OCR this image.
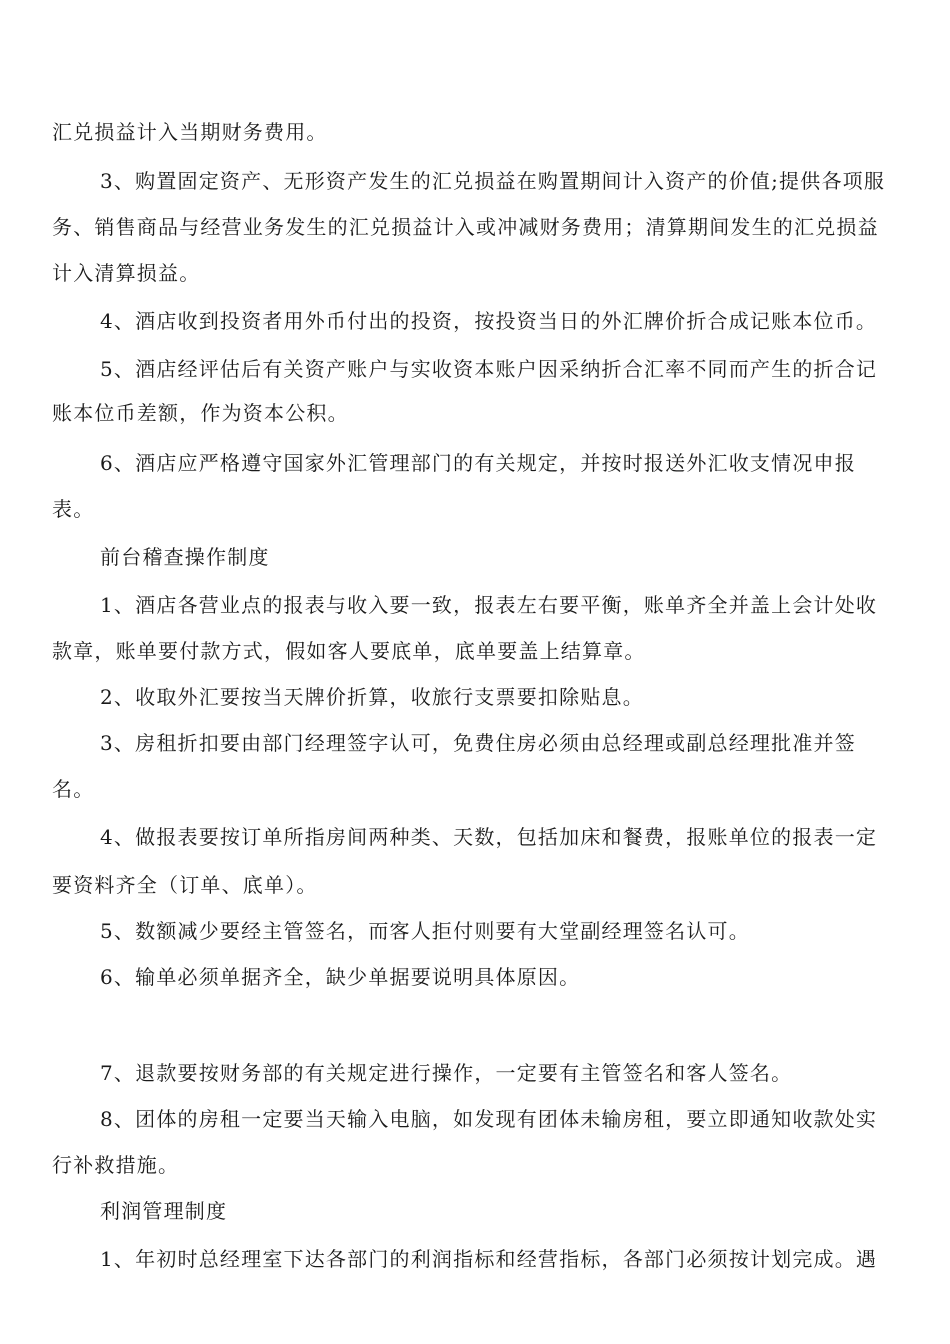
汇兑损益计入当期财务费用。
3、购置固定资产、无形资产发生的汇兑损益在购置期间计入资产的价值;提供各项服
务、销售商品与经营业务发生的汇兑损益计入或冲减财务费用；清算期间发生的汇兑损益
计入清算损益。
4、酒店收到投资者用外币付出的投资，按投资当日的外汇牌价折合成记账本位币。
5、酒店经评估后有关资产账户与实收资本账户因采纳折合汇率不同而产生的折合记
账本位币差额，作为资本公积。
6、酒店应严格遵守国家外汇管理部门的有关规定，并按时报送外汇收支情况申报
表。
前台稽查操作制度
1、酒店各营业点的报表与收入要一致，报表左右要平衡，账单齐全并盖上会计处收
款章，账单要付款方式，假如客人要底单，底单要盖上结算章。
2、收取外汇要按当天牌价折算，收旅行支票要扣除贴息。
3、房租折扣要由部门经理签字认可，免费住房必须由总经理或副总经理批准并签
名。
4、做报表要按订单所指房间两种类、天数，包括加床和餐费，报账单位的报表一定
要资料齐全（订单、底单）。
5、数额减少要经主管签名，而客人拒付则要有大堂副经理签名认可。
6、输单必须单据齐全，缺少单据要说明具体原因。
7、退款要按财务部的有关规定进行操作，一定要有主管签名和客人签名。
8、团体的房租一定要当天输入电脑，如发现有团体未输房租，要立即通知收款处实
行补救措施。
利润管理制度
1、年初时总经理室下达各部门的利润指标和经营指标，各部门必须按计划完成。遇
